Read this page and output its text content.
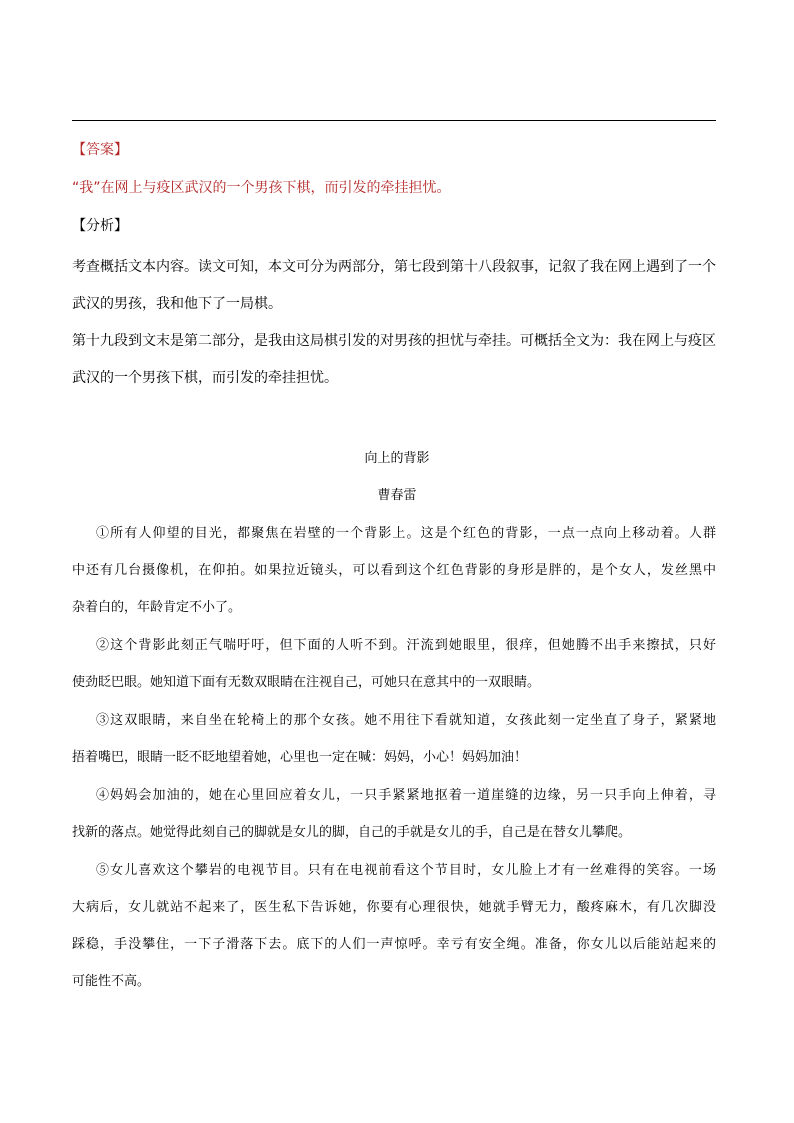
【答案】
“我”在网上与疫区武汉的一个男孩下棋，而引发的牵挂担忧。
【分析】
考查概括文本内容。读文可知，本文可分为两部分，第七段到第十八段叙事，记叙了我在网上遇到了一个
武汉的男孩，我和他下了一局棋。
第十九段到文末是第二部分，是我由这局棋引发的对男孩的担忧与牵挂。可概括全文为：我在网上与疫区
武汉的一个男孩下棋，而引发的牵挂担忧。
向上的背影
曹春雷
①所有人仰望的目光，都聚焦在岩壁的一个背影上。这是个红色的背影，一点一点向上移动着。人群
中还有几台摄像机，在仰拍。如果拉近镜头，可以看到这个红色背影的身形是胖的，是个女人，发丝黑中
杂着白的，年龄肯定不小了。
②这个背影此刻正气喘吁吁，但下面的人听不到。汗流到她眼里，很痒，但她腾不出手来擦拭，只好
使劲眨巴眼。她知道下面有无数双眼睛在注视自己，可她只在意其中的一双眼睛。
③这双眼睛，来自坐在轮椅上的那个女孩。她不用往下看就知道，女孩此刻一定坐直了身子，紧紧地
捂着嘴巴，眼睛一眨不眨地望着她，心里也一定在喊：妈妈，小心！妈妈加油！
④妈妈会加油的，她在心里回应着女儿，一只手紧紧地抠着一道崖缝的边缘，另一只手向上伸着，寻
找新的落点。她觉得此刻自己的脚就是女儿的脚，自己的手就是女儿的手，自己是在替女儿攀爬。
⑤女儿喜欢这个攀岩的电视节目。只有在电视前看这个节目时，女儿脸上才有一丝难得的笑容。一场
大病后，女儿就站不起来了，医生私下告诉她，你要有心理很快，她就手臂无力，酸疼麻木，有几次脚没
踩稳，手没攀住，一下子滑落下去。底下的人们一声惊呼。幸亏有安全绳。准备，你女儿以后能站起来的
可能性不高。
